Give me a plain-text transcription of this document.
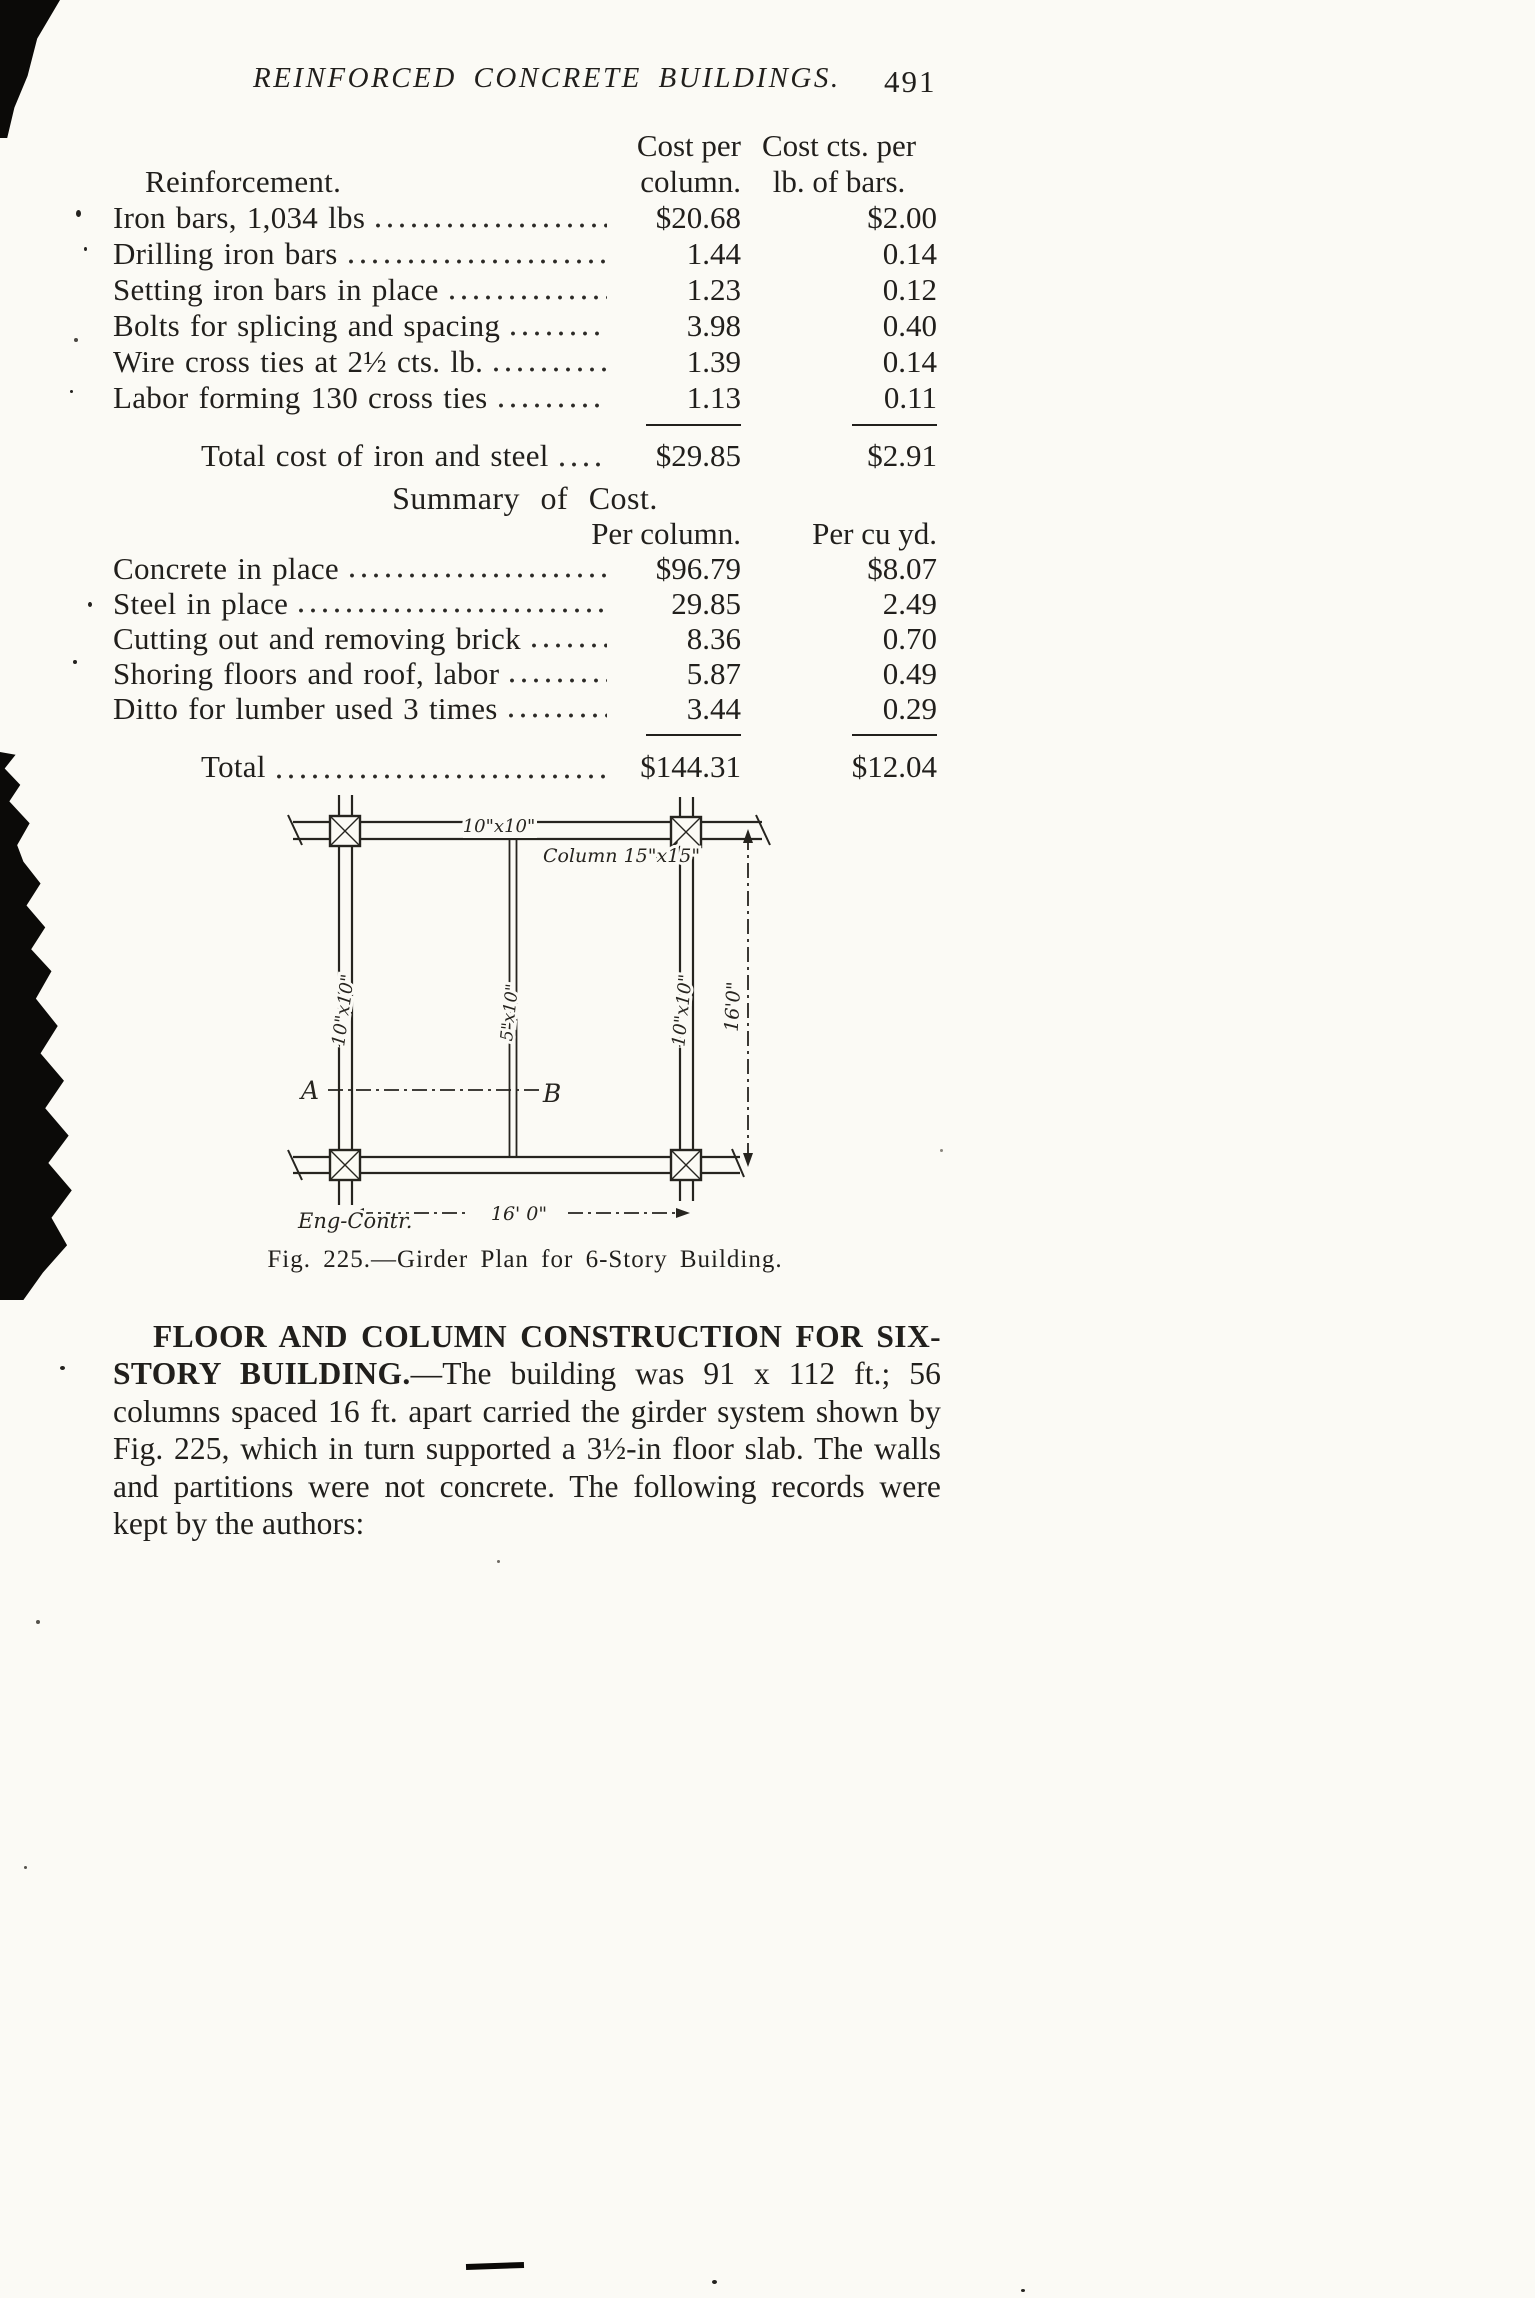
REINFORCED CONCRETE BUILDINGS. 491
Cost per Cost cts. per
Reinforcement.	column.	lb. of bars.
Iron bars, 1,034 lbs	$20.68	$2.00
Drilling iron bars	1.44	0.14
Setting iron bars in place	1.23	0.12
Bolts for splicing and spacing	3.98	0.40
Wire cross ties at 2½ cts. lb.	1.39	0.14
Labor forming 130 cross ties	1.13	0.11
Total cost of iron and steel	$29.85	$2.91
Summary of Cost.
Per column.	Per cu yd.
Concrete in place	$96.79	$8.07
Steel in place	29.85	2.49
Cutting out and removing brick	8.36	0.70
Shoring floors and roof, labor	5.87	0.49
Ditto for lumber used 3 times	3.44	0.29
Total	$144.31	$12.04
10"x10"
Column 15"x15"
10"x10"	5"x10"	10"x10" 16'0"
A	B
16' 0"
Eng-Contr.
Fig. 225.—Girder Plan for 6-Story Building.

FLOOR AND COLUMN CONSTRUCTION FOR SIX-STORY BUILDING.—The building was 91 x 112 ft.; 56 columns spaced 16 ft. apart carried the girder system shown by Fig. 225, which in turn supported a 3½-in floor slab. The walls and partitions were not concrete. The following records were kept by the authors:
